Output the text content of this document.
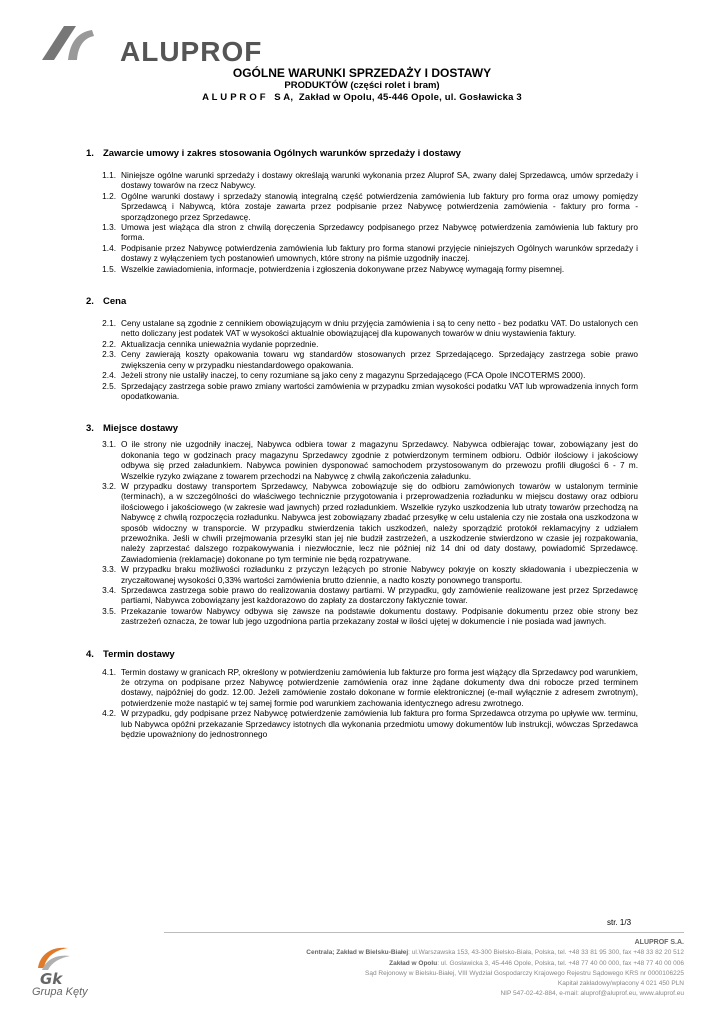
ALUPROF
OGÓLNE WARUNKI SPRZEDAŻY I DOSTAWY
PRODUKTÓW (części rolet i bram)
A L U P R O F   S A,  Zakład w Opolu, 45-446 Opole, ul. Gosławicka 3

1. Zawarcie umowy i zakres stosowania Ogólnych warunków sprzedaży i dostawy

1.1. Niniejsze ogólne warunki sprzedaży i dostawy określają warunki wykonania przez Aluprof SA, zwany dalej Sprzedawcą, umów sprzedaży i dostawy towarów na rzecz Nabywcy.
1.2. Ogólne warunki dostawy i sprzedaży stanowią integralną część potwierdzenia zamówienia lub faktury pro forma oraz umowy pomiędzy Sprzedawcą i Nabywcą, która zostaje zawarta przez podpisanie przez Nabywcę potwierdzenia zamówienia - faktury pro forma - sporządzonego przez Sprzedawcę.
1.3. Umowa jest wiążąca dla stron z chwilą doręczenia Sprzedawcy podpisanego przez Nabywcę potwierdzenia zamówienia lub faktury pro forma.
1.4. Podpisanie przez Nabywcę potwierdzenia zamówienia lub faktury pro forma stanowi przyjęcie niniejszych Ogólnych warunków sprzedaży i dostawy z wyłączeniem tych postanowień umownych, które strony na piśmie uzgodniły inaczej.
1.5. Wszelkie zawiadomienia, informacje, potwierdzenia i zgłoszenia dokonywane przez Nabywcę wymagają formy pisemnej.

2. Cena

2.1. Ceny ustalane są zgodnie z cennikiem obowiązującym w dniu przyjęcia zamówienia i są to ceny netto - bez podatku VAT. Do ustalonych cen netto doliczany jest podatek VAT w wysokości aktualnie obowiązującej dla kupowanych towarów w dniu wystawienia faktury.
2.2. Aktualizacja cennika unieważnia wydanie poprzednie.
2.3. Ceny zawierają koszty opakowania towaru wg standardów stosowanych przez Sprzedającego. Sprzedający zastrzega sobie prawo zwiększenia ceny w przypadku niestandardowego opakowania.
2.4. Jeżeli strony nie ustaliły inaczej, to ceny rozumiane są jako ceny z magazynu Sprzedającego (FCA Opole INCOTERMS 2000).
2.5. Sprzedający zastrzega sobie prawo zmiany wartości zamówienia w przypadku zmian wysokości podatku VAT lub wprowadzenia innych form opodatkowania.

3. Miejsce dostawy

3.1. O ile strony nie uzgodniły inaczej, Nabywca odbiera towar z magazynu Sprzedawcy. Nabywca odbierając towar, zobowiązany jest do dokonania tego w godzinach pracy magazynu Sprzedawcy zgodnie z potwierdzonym terminem odbioru. Odbiór ilościowy i jakościowy odbywa się przed załadunkiem. Nabywca powinien dysponować samochodem przystosowanym do przewozu profili długości 6 - 7 m. Wszelkie ryzyko związane z towarem przechodzi na Nabywcę z chwilą zakończenia załadunku.
3.2. W przypadku dostawy transportem Sprzedawcy, Nabywca zobowiązuje się do odbioru zamówionych towarów w ustalonym terminie (terminach), a w szczególności do właściwego technicznie przygotowania i przeprowadzenia rozładunku w miejscu dostawy oraz odbioru ilościowego i jakościowego (w zakresie wad jawnych) przed rozładunkiem. Wszelkie ryzyko uszkodzenia lub utraty towarów przechodzą na Nabywcę z chwilą rozpoczęcia rozładunku. Nabywca jest zobowiązany zbadać przesyłkę w celu ustalenia czy nie została ona uszkodzona w sposób widoczny w transporcie. W przypadku stwierdzenia takich uszkodzeń, należy sporządzić protokół reklamacyjny z udziałem przewoźnika. Jeśli w chwili przejmowania przesyłki stan jej nie budził zastrzeżeń, a uszkodzenie stwierdzono w czasie jej rozpakowania, należy zaprzestać dalszego rozpakowywania i niezwłocznie, lecz nie później niż 14 dni od daty dostawy, powiadomić Sprzedawcę. Zawiadomienia (reklamacje) dokonane po tym terminie nie będą rozpatrywane.
3.3. W przypadku braku możliwości rozładunku z przyczyn leżących po stronie Nabywcy pokryje on koszty składowania i ubezpieczenia w zryczałtowanej wysokości 0,33% wartości zamówienia brutto dziennie, a nadto koszty ponownego transportu.
3.4. Sprzedawca zastrzega sobie prawo do realizowania dostawy partiami. W przypadku, gdy zamówienie realizowane jest przez Sprzedawcę partiami, Nabywca zobowiązany jest każdorazowo do zapłaty za dostarczony faktycznie towar.
3.5. Przekazanie towarów Nabywcy odbywa się zawsze na podstawie dokumentu dostawy. Podpisanie dokumentu przez obie strony bez zastrzeżeń oznacza, że towar lub jego uzgodniona partia przekazany został w ilości ujętej w dokumencie i nie posiada wad jawnych.

4. Termin dostawy

4.1. Termin dostawy w granicach RP, określony w potwierdzeniu zamówienia lub fakturze pro forma jest wiążący dla Sprzedawcy pod warunkiem, że otrzyma on podpisane przez Nabywcę potwierdzenie zamówienia oraz inne żądane dokumenty dwa dni robocze przed terminem dostawy, najpóźniej do godz. 12.00. Jeżeli zamówienie zostało dokonane w formie elektronicznej (e-mail wyłącznie z adresem zwrotnym), potwierdzenie może nastąpić w tej samej formie pod warunkiem zachowania identycznego adresu zwrotnego.
4.2. W przypadku, gdy podpisane przez Nabywcę potwierdzenie zamówienia lub faktura pro forma Sprzedawca otrzyma po upływie ww. terminu, lub Nabywca opóźni przekazanie Sprzedawcy istotnych dla wykonania przedmiotu umowy dokumentów lub instrukcji, wówczas Sprzedawca będzie upoważniony do jednostronnego
str. 1/3
Gk
Grupa Kęty
ALUPROF S.A.
Centrala; Zakład w Bielsku-Białej: ul.Warszawska 153, 43-300 Bielsko-Biała, Polska, tel. +48 33 81 95 300, fax +48 33 82 20 512
Zakład w Opolu: ul. Gosławicka 3, 45-446 Opole, Polska, tel. +48 77 40 00 000, fax +48 77 40 00 006
Sąd Rejonowy w Bielsku-Białej, VIII Wydział Gospodarczy Krajowego Rejestru Sądowego KRS nr 0000106225
Kapitał zakładowy/wpłacony 4 021 450 PLN
NIP 547-02-42-884, e-mail: aluprof@aluprof.eu, www.aluprof.eu
